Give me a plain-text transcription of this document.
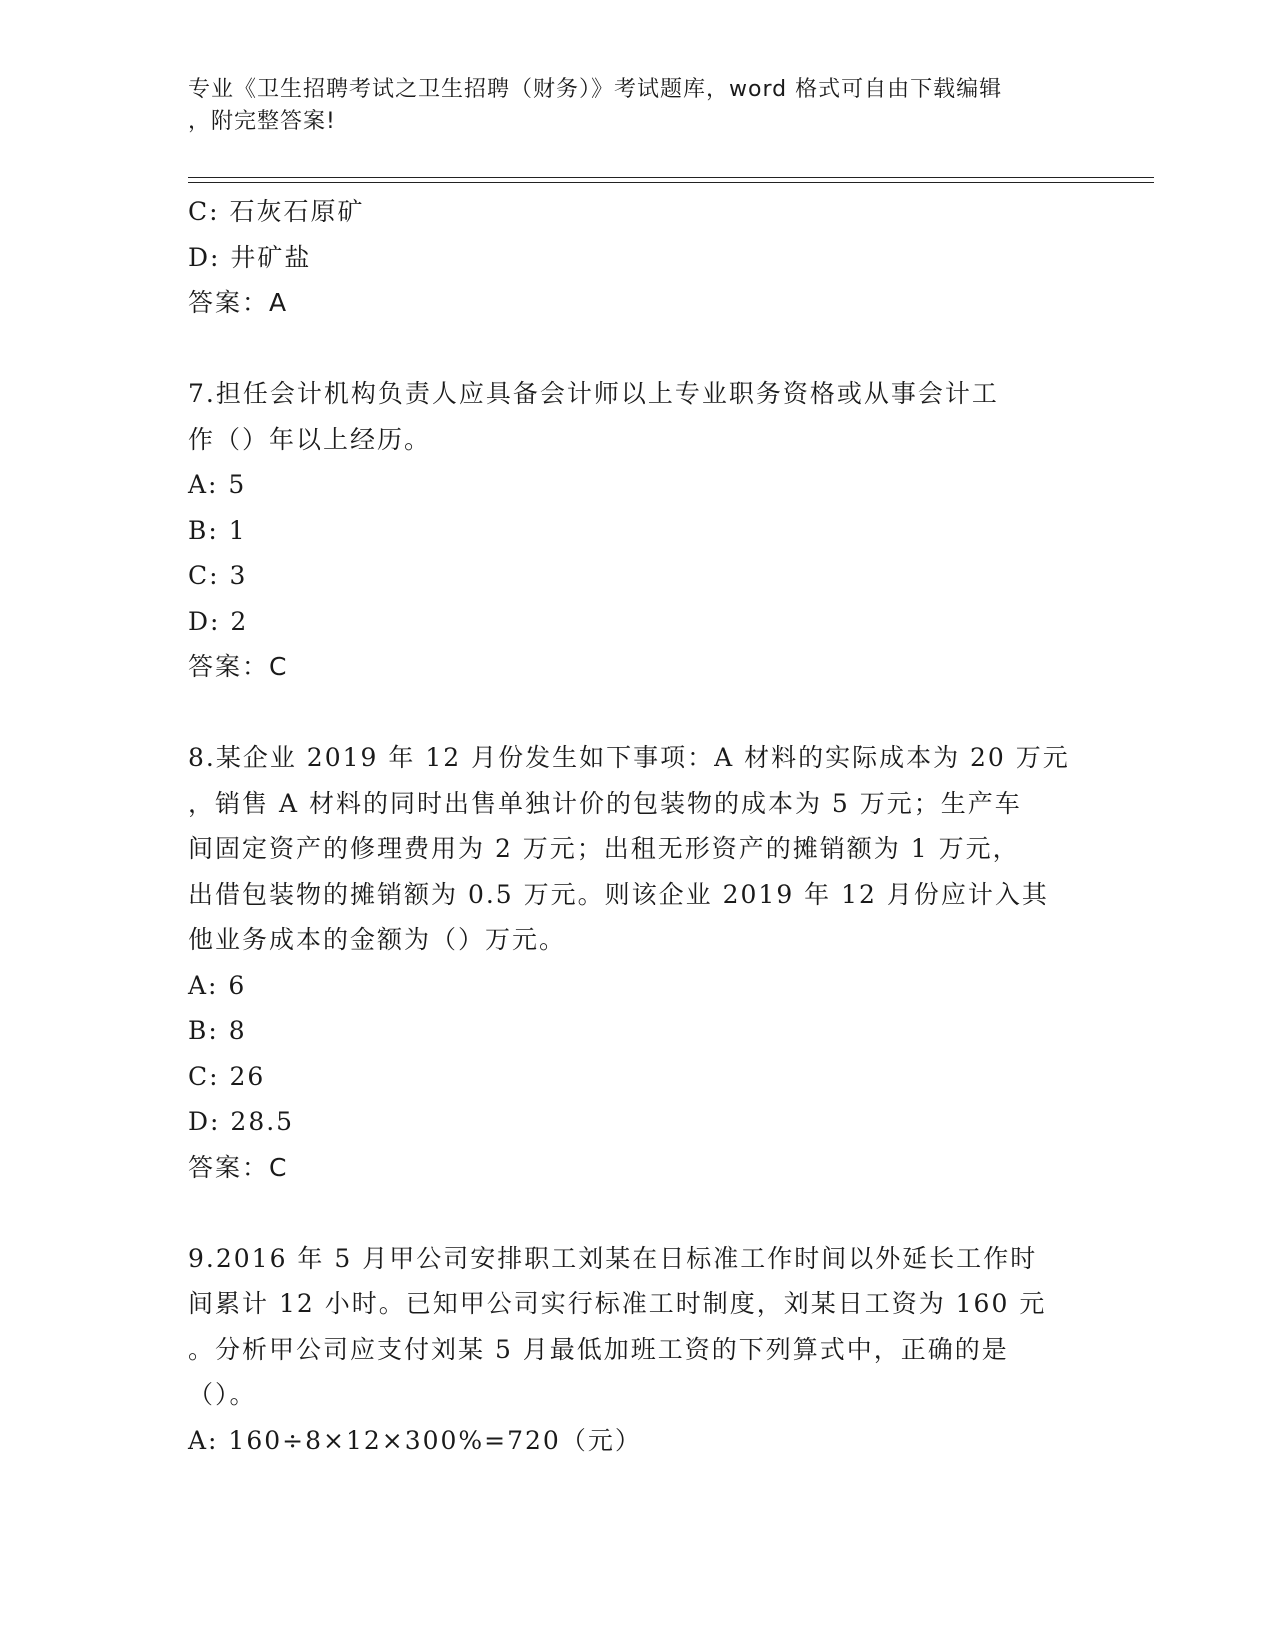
专业《卫生招聘考试之卫生招聘（财务）》考试题库，word 格式可自由下载编辑
，附完整答案!
C: 石灰石原矿
D: 井矿盐
答案：A
7.担任会计机构负责人应具备会计师以上专业职务资格或从事会计工
作（）年以上经历。
A: 5
B: 1
C: 3
D: 2
答案：C
8.某企业 2019 年 12 月份发生如下事项：A 材料的实际成本为 20 万元
，销售 A 材料的同时出售单独计价的包装物的成本为 5 万元；生产车
间固定资产的修理费用为 2 万元；出租无形资产的摊销额为 1 万元，
出借包装物的摊销额为 0.5 万元。则该企业 2019 年 12 月份应计入其
他业务成本的金额为（）万元。
A: 6
B: 8
C: 26
D: 28.5
答案：C
9.2016 年 5 月甲公司安排职工刘某在日标准工作时间以外延长工作时
间累计 12 小时。已知甲公司实行标准工时制度，刘某日工资为 160 元
。分析甲公司应支付刘某 5 月最低加班工资的下列算式中，正确的是
（）。
A: 160÷8×12×300%=720（元）
